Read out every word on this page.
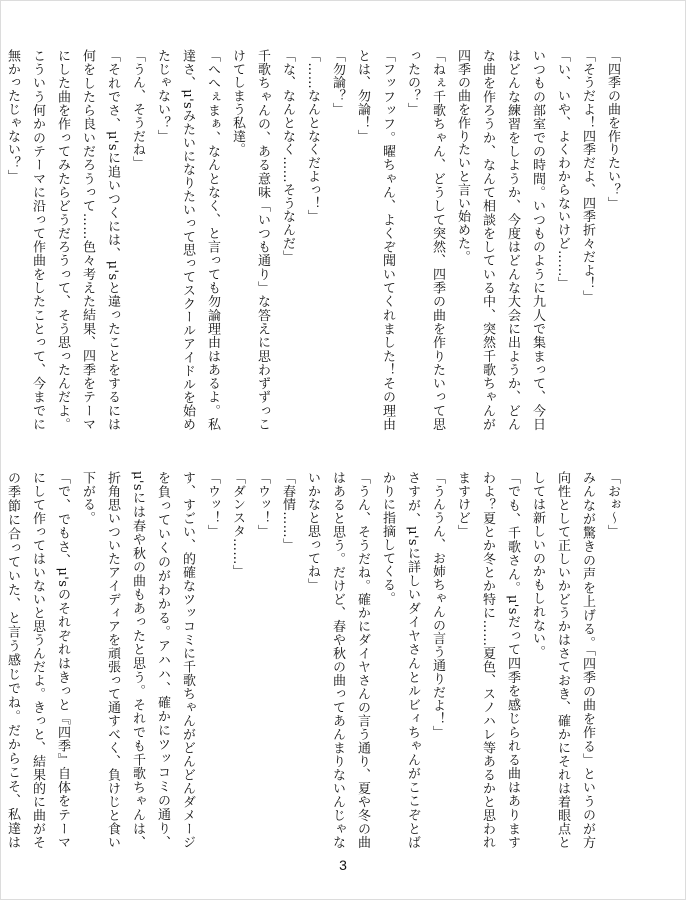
「四季の曲を作りたい？」

「そうだよ！四季だよ、四季折々だよ！」

「い、いや、よくわからないけど……」

いつもの部室での時間。いつものように九人で集まって、今日はどんな練習をしようか、今度はどんな大会に出ようか、どんな曲を作ろうか、なんて相談をしている中、突然千歌ちゃんが四季の曲を作りたいと言い始めた。

「ねぇ千歌ちゃん、どうして突然、四季の曲を作りたいって思ったの？」

「フッフッフ。曜ちゃん、よくぞ聞いてくれました！その理由とは、勿論！」

「勿論？」

「……なんとなくだよっ！」

「な、なんとなく……そうなんだ」

千歌ちゃんの、ある意味「いつも通り」な答えに思わずずっこけてしまう私達。

「へへぇまぁ、なんとなく、と言っても勿論理由はあるよ。私達さ、μ'sみたいになりたいって思ってスクールアイドルを始めたじゃない？」

「うん、そうだね」

「それでさ、μ'sに追いつくには、μ'sと違ったことをするには何をしたら良いだろうって……色々考えた結果、四季をテーマにした曲を作ってみたらどうだろうって、そう思ったんだよ。こういう何かのテーマに沿って作曲をしたことって、今までに無かったじゃない？」

「おぉ～」

みんなが驚きの声を上げる。「四季の曲を作る」というのが方向性として正しいかどうかはさておき、確かにそれは着眼点としては新しいのかもしれない。

「でも、千歌さん。μ'sだって四季を感じられる曲はありますわよ？夏とか冬とか特に……夏色、スノハレ等あるかと思われますけど」

「うんうん、お姉ちゃんの言う通りだよ！」

さすが、μ'sに詳しいダイヤさんとルビィちゃんがここぞとばかりに指摘してくる。

「うん、そうだね。確かにダイヤさんの言う通り、夏や冬の曲はあると思う。だけど、春や秋の曲ってあんまりないんじゃないかなと思ってね」

「春情……」

「ウッ！」

「ダンスタ……」

「ウッ！」

す、すごい、的確なツッコミに千歌ちゃんがどんどんダメージを負っていくのがわかる。アハハ、確かにツッコミの通り、μ'sには春や秋の曲もあったと思う。それでも千歌ちゃんは、折角思いついたアイディアを頑張って通すべく、負けじと食い下がる。

「で、でもさ、μ'sのそれぞれはきっと『四季』自体をテーマにして作ってはいないと思うんだよ。きっと、結果的に曲がその季節に合っていた、と言う感じでね。だからこそ、私達は

3
